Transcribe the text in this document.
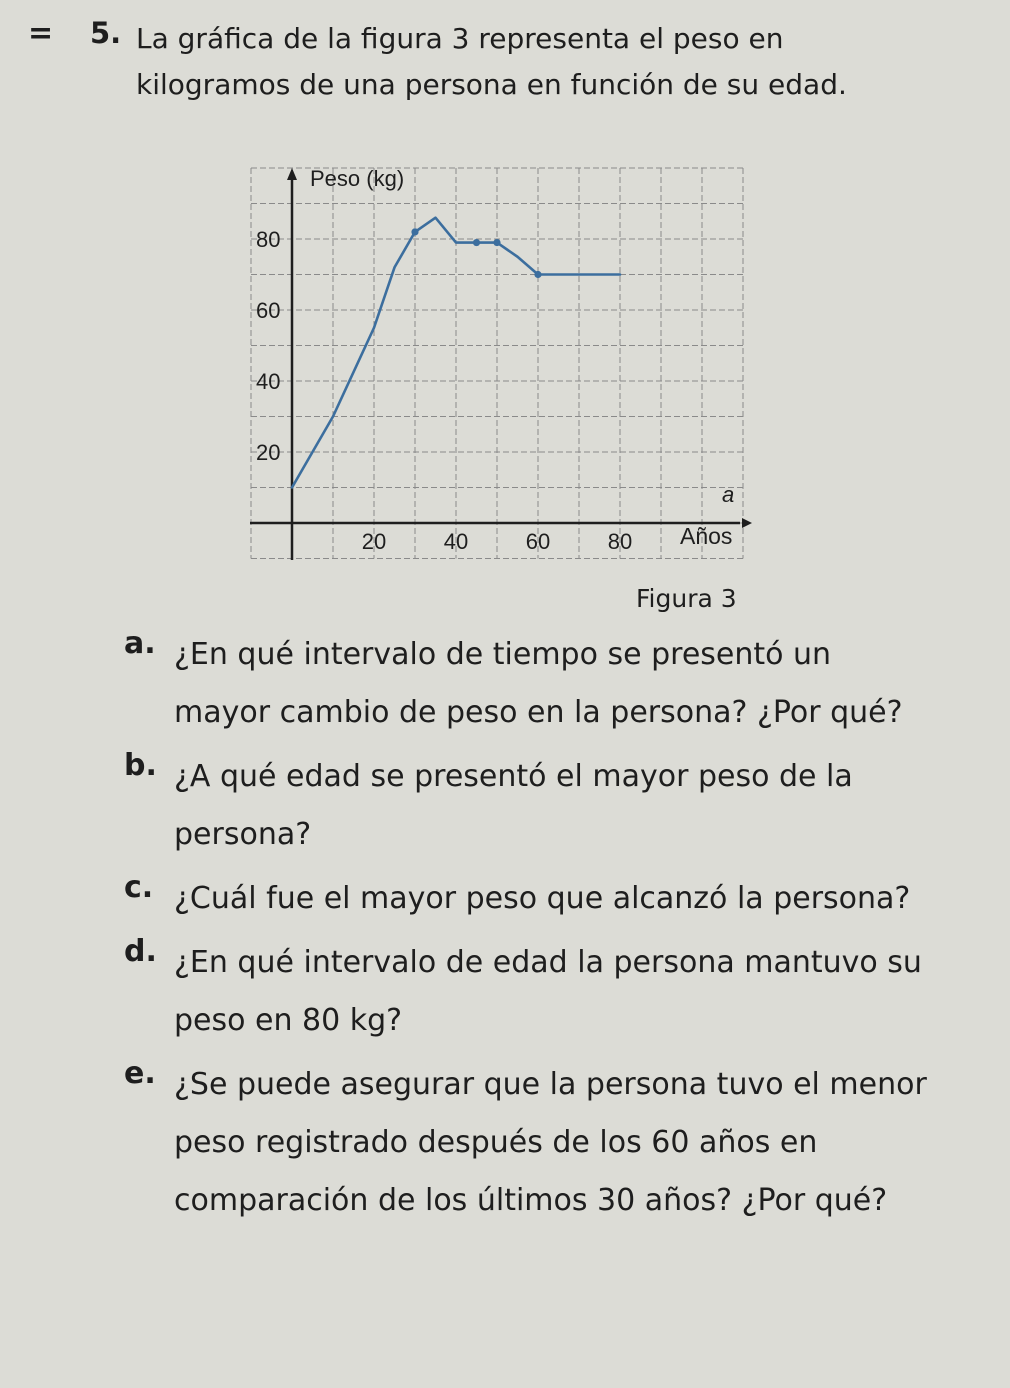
= 5. La gráfica de la figura 3 representa el peso en kilogramos de una persona en función de su edad.
20	40	60	80
20
40
60
80
Peso (kg)
Años
a
Figura 3
a. ¿En qué intervalo de tiempo se presentó un mayor cambio de peso en la persona? ¿Por qué?
b. ¿A qué edad se presentó el mayor peso de la persona?
c. ¿Cuál fue el mayor peso que alcanzó la persona?
d. ¿En qué intervalo de edad la persona mantuvo su peso en 80 kg?
e. ¿Se puede asegurar que la persona tuvo el menor peso registrado después de los 60 años en comparación de los últimos 30 años? ¿Por qué?
